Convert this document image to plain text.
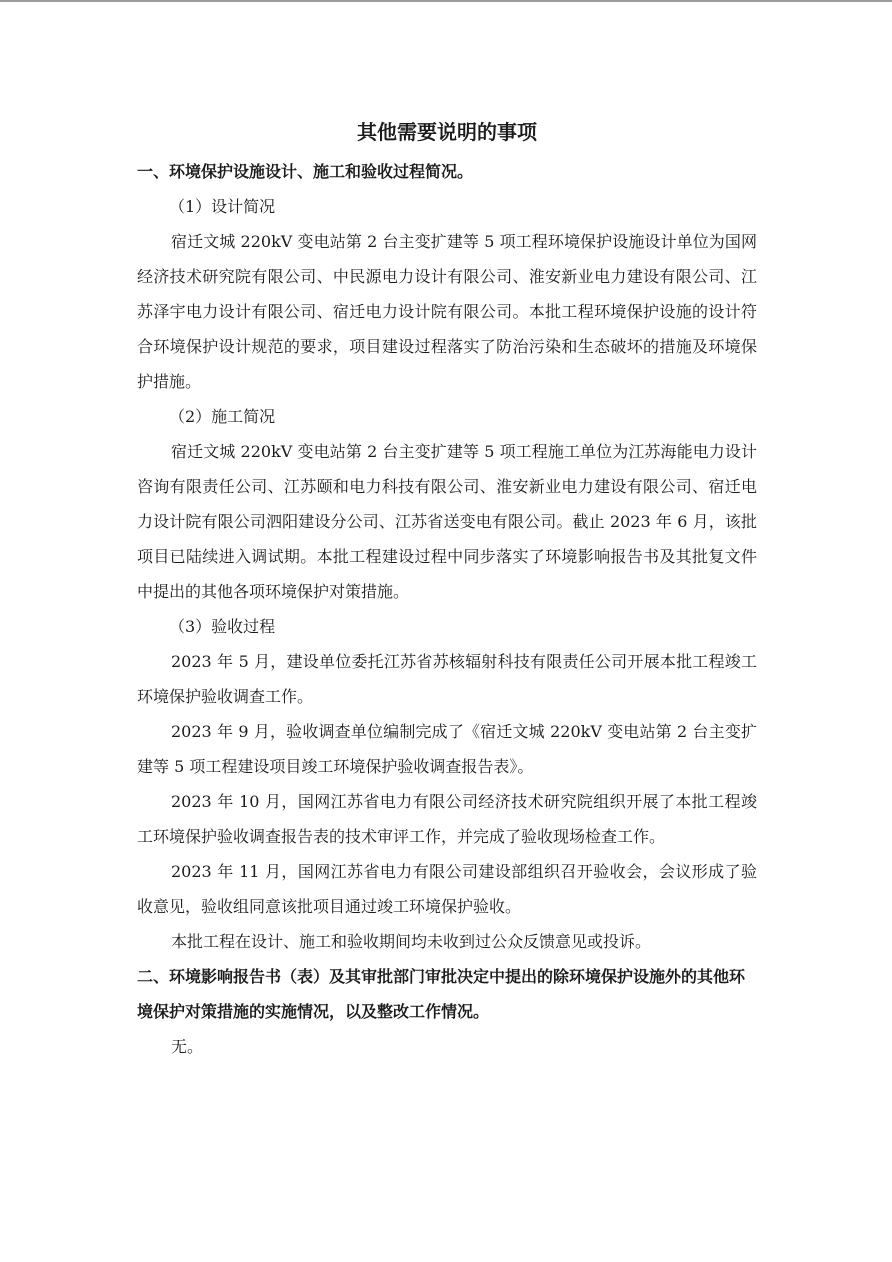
其他需要说明的事项

一、环境保护设施设计、施工和验收过程简况。

（1）设计简况

宿迁文城 220kV 变电站第 2 台主变扩建等 5 项工程环境保护设施设计单位为国网经济技术研究院有限公司、中民源电力设计有限公司、淮安新业电力建设有限公司、江苏泽宇电力设计有限公司、宿迁电力设计院有限公司。本批工程环境保护设施的设计符合环境保护设计规范的要求，项目建设过程落实了防治污染和生态破坏的措施及环境保护措施。

（2）施工简况

宿迁文城 220kV 变电站第 2 台主变扩建等 5 项工程施工单位为江苏海能电力设计咨询有限责任公司、江苏颐和电力科技有限公司、淮安新业电力建设有限公司、宿迁电力设计院有限公司泗阳建设分公司、江苏省送变电有限公司。截止 2023 年 6 月，该批项目已陆续进入调试期。本批工程建设过程中同步落实了环境影响报告书及其批复文件中提出的其他各项环境保护对策措施。

（3）验收过程

2023 年 5 月，建设单位委托江苏省苏核辐射科技有限责任公司开展本批工程竣工环境保护验收调查工作。

2023 年 9 月，验收调查单位编制完成了《宿迁文城 220kV 变电站第 2 台主变扩建等 5 项工程建设项目竣工环境保护验收调查报告表》。

2023 年 10 月，国网江苏省电力有限公司经济技术研究院组织开展了本批工程竣工环境保护验收调查报告表的技术审评工作，并完成了验收现场检查工作。

2023 年 11 月，国网江苏省电力有限公司建设部组织召开验收会，会议形成了验收意见，验收组同意该批项目通过竣工环境保护验收。

本批工程在设计、施工和验收期间均未收到过公众反馈意见或投诉。

二、环境影响报告书（表）及其审批部门审批决定中提出的除环境保护设施外的其他环境保护对策措施的实施情况，以及整改工作情况。

无。
